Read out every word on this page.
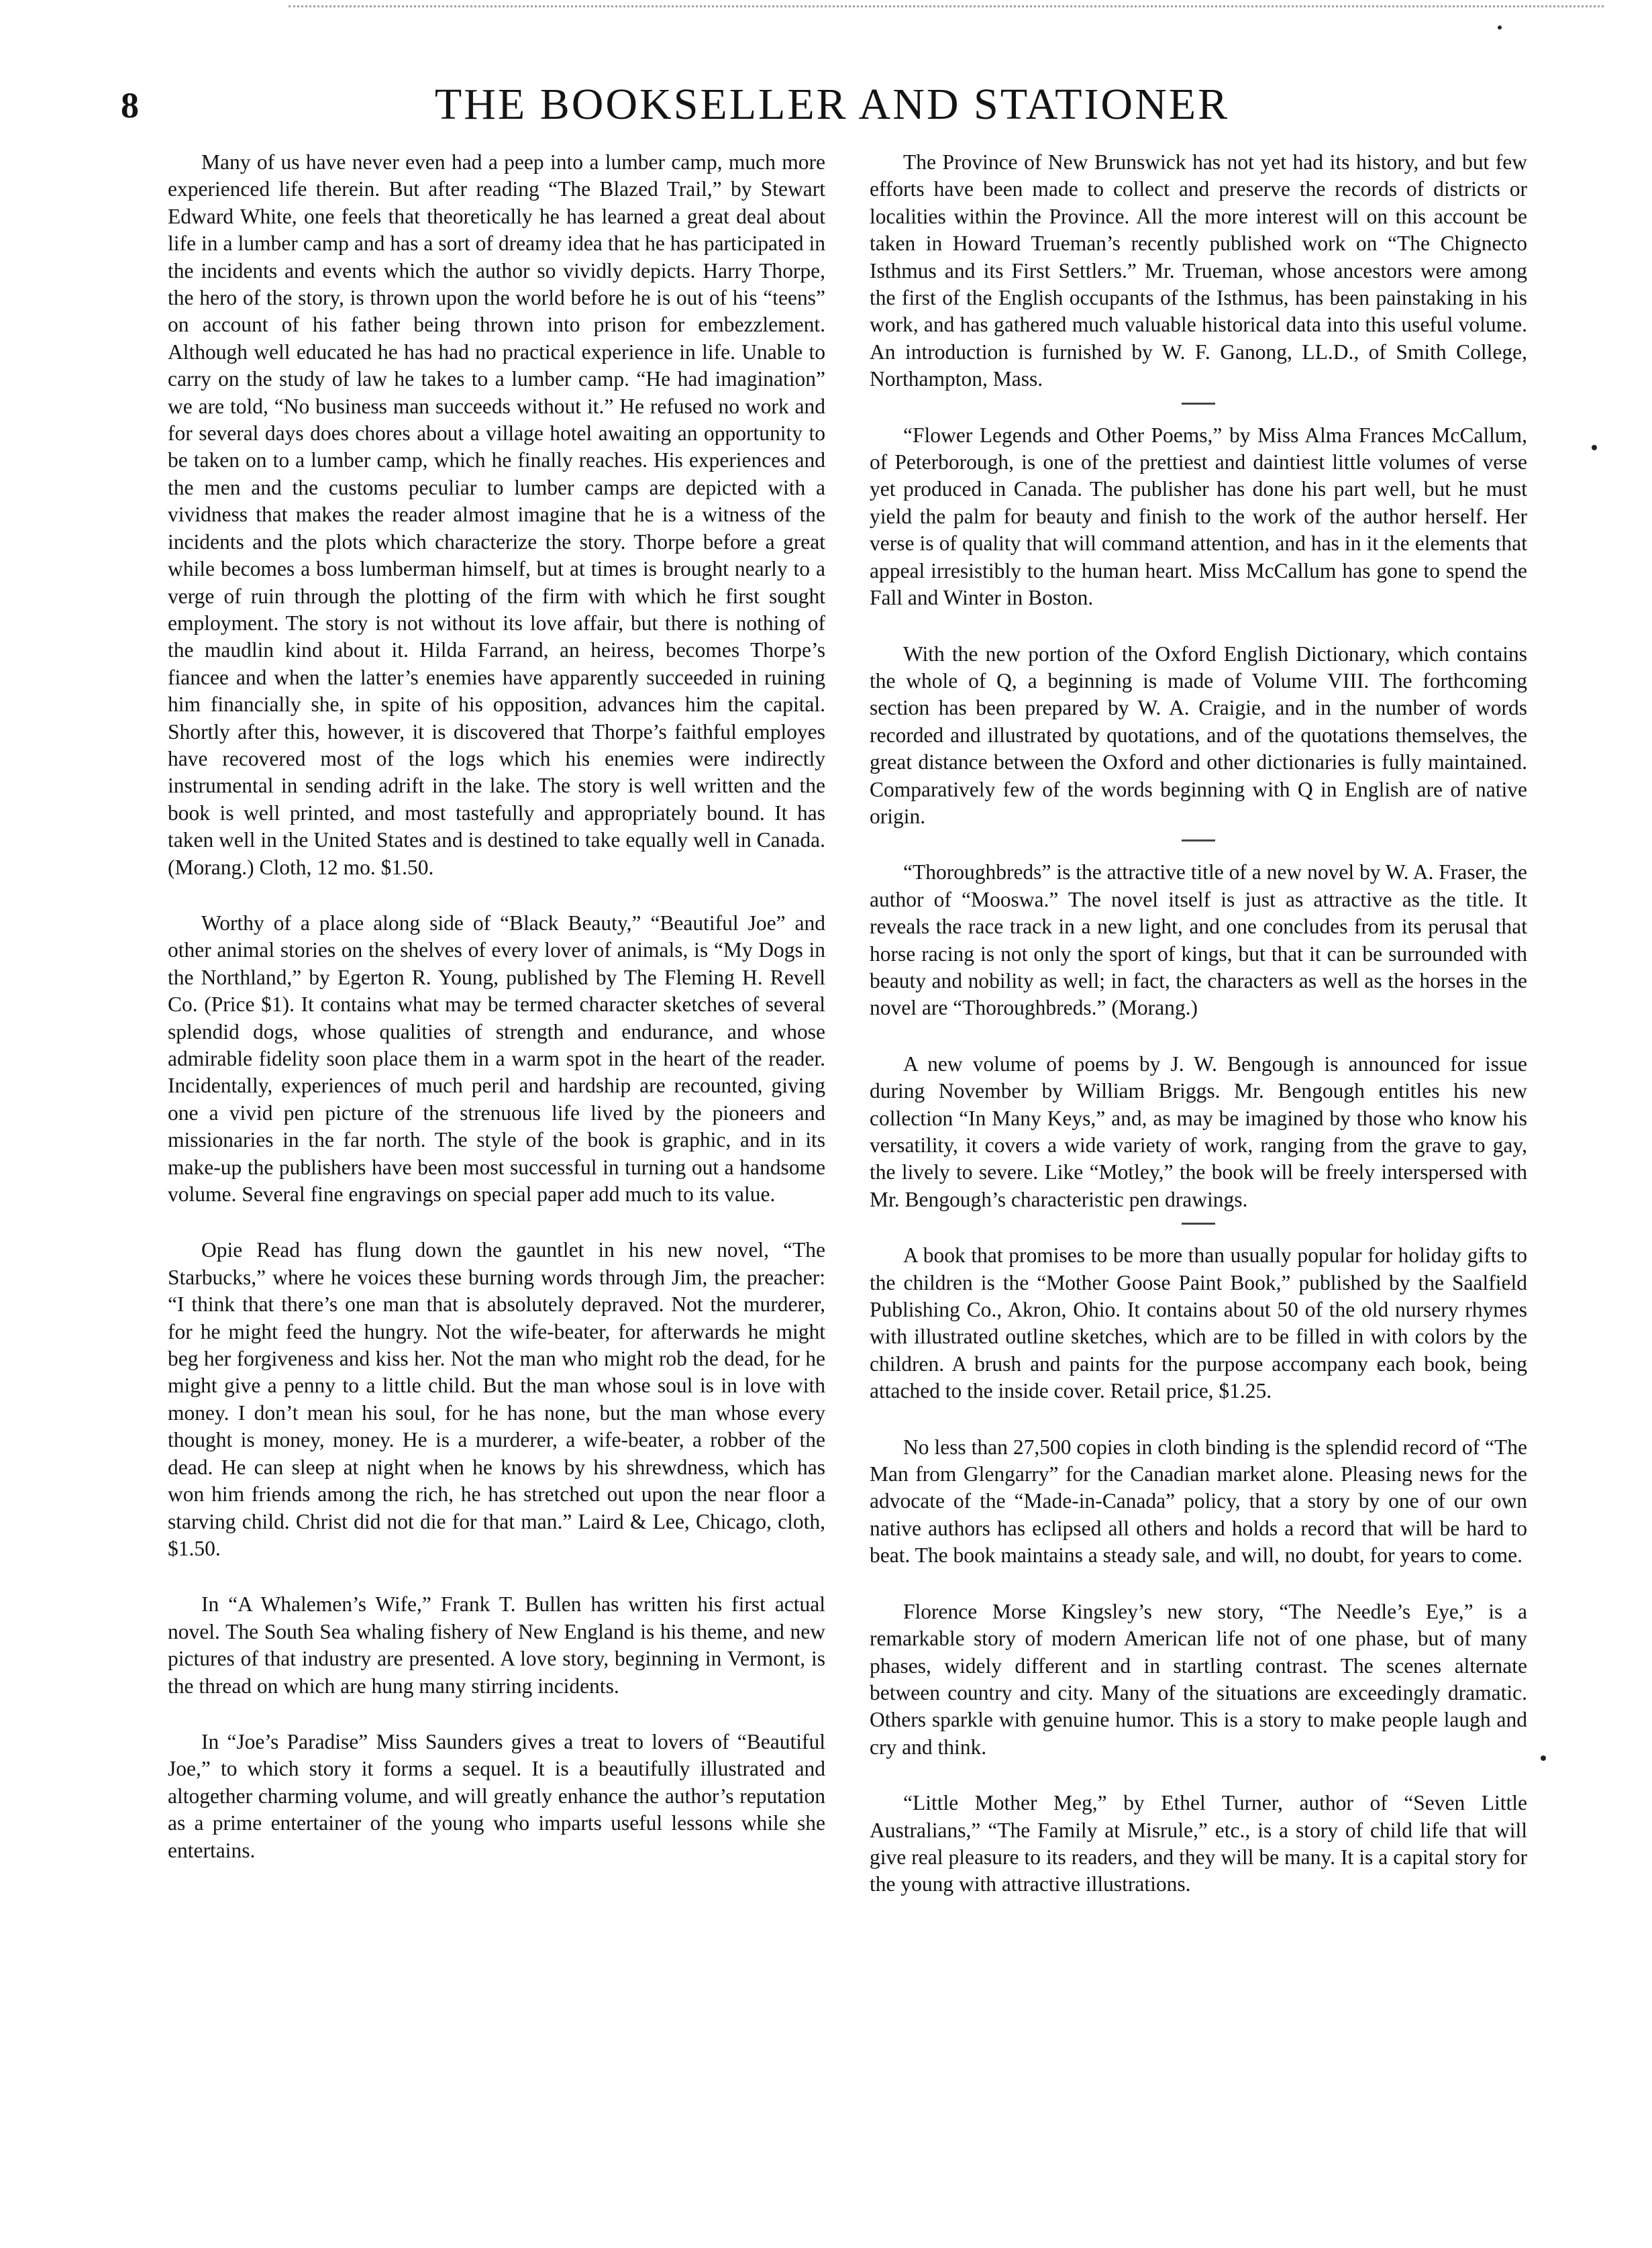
8	THE BOOKSELLER AND STATIONER

Many of us have never even had a peep into a lumber camp, much more experienced life therein. But after reading “The Blazed Trail,” by Stewart Edward White, one feels that theoretically he has learned a great deal about life in a lumber camp and has a sort of dreamy idea that he has participated in the incidents and events which the author so vividly depicts. Harry Thorpe, the hero of the story, is thrown upon the world before he is out of his “teens” on account of his father being thrown into prison for embezzlement. Although well educated he has had no practical experience in life. Unable to carry on the study of law he takes to a lumber camp. “He had imagination” we are told, “No business man succeeds without it.” He refused no work and for several days does chores about a village hotel awaiting an opportunity to be taken on to a lumber camp, which he finally reaches. His experiences and the men and the customs peculiar to lumber camps are depicted with a vividness that makes the reader almost imagine that he is a witness of the incidents and the plots which characterize the story. Thorpe before a great while becomes a boss lumberman himself, but at times is brought nearly to a verge of ruin through the plotting of the firm with which he first sought employment. The story is not without its love affair, but there is nothing of the maudlin kind about it. Hilda Farrand, an heiress, becomes Thorpe’s fiancee and when the latter’s enemies have apparently succeeded in ruining him financially she, in spite of his opposition, advances him the capital. Shortly after this, however, it is discovered that Thorpe’s faithful employes have recovered most of the logs which his enemies were indirectly instrumental in sending adrift in the lake. The story is well written and the book is well printed, and most tastefully and appropriately bound. It has taken well in the United States and is destined to take equally well in Canada. (Morang.) Cloth, 12 mo. $1.50.

Worthy of a place along side of “Black Beauty,” “Beautiful Joe” and other animal stories on the shelves of every lover of animals, is “My Dogs in the Northland,” by Egerton R. Young, published by The Fleming H. Revell Co. (Price $1). It contains what may be termed character sketches of several splendid dogs, whose qualities of strength and endurance, and whose admirable fidelity soon place them in a warm spot in the heart of the reader. Incidentally, experiences of much peril and hardship are recounted, giving one a vivid pen picture of the strenuous life lived by the pioneers and missionaries in the far north. The style of the book is graphic, and in its make-up the publishers have been most successful in turning out a handsome volume. Several fine engravings on special paper add much to its value.

Opie Read has flung down the gauntlet in his new novel, “The Starbucks,” where he voices these burning words through Jim, the preacher: “I think that there’s one man that is absolutely depraved. Not the murderer, for he might feed the hungry. Not the wife-beater, for afterwards he might beg her forgiveness and kiss her. Not the man who might rob the dead, for he might give a penny to a little child. But the man whose soul is in love with money. I don’t mean his soul, for he has none, but the man whose every thought is money, money. He is a murderer, a wife-beater, a robber of the dead. He can sleep at night when he knows by his shrewdness, which has won him friends among the rich, he has stretched out upon the near floor a starving child. Christ did not die for that man.” Laird & Lee, Chicago, cloth, $1.50.

In “A Whalemen’s Wife,” Frank T. Bullen has written his first actual novel. The South Sea whaling fishery of New England is his theme, and new pictures of that industry are presented. A love story, beginning in Vermont, is the thread on which are hung many stirring incidents.

In “Joe’s Paradise” Miss Saunders gives a treat to lovers of “Beautiful Joe,” to which story it forms a sequel. It is a beautifully illustrated and altogether charming volume, and will greatly enhance the author’s reputation as a prime entertainer of the young who imparts useful lessons while she entertains.

The Province of New Brunswick has not yet had its history, and but few efforts have been made to collect and preserve the records of districts or localities within the Province. All the more interest will on this account be taken in Howard Trueman’s recently published work on “The Chignecto Isthmus and its First Settlers.” Mr. Trueman, whose ancestors were among the first of the English occupants of the Isthmus, has been painstaking in his work, and has gathered much valuable historical data into this useful volume. An introduction is furnished by W. F. Ganong, LL.D., of Smith College, Northampton, Mass.

“Flower Legends and Other Poems,” by Miss Alma Frances McCallum, of Peterborough, is one of the prettiest and daintiest little volumes of verse yet produced in Canada. The publisher has done his part well, but he must yield the palm for beauty and finish to the work of the author herself. Her verse is of quality that will command attention, and has in it the elements that appeal irresistibly to the human heart. Miss McCallum has gone to spend the Fall and Winter in Boston.

With the new portion of the Oxford English Dictionary, which contains the whole of Q, a beginning is made of Volume VIII. The forthcoming section has been prepared by W. A. Craigie, and in the number of words recorded and illustrated by quotations, and of the quotations themselves, the great distance between the Oxford and other dictionaries is fully maintained. Comparatively few of the words beginning with Q in English are of native origin.

“Thoroughbreds” is the attractive title of a new novel by W. A. Fraser, the author of “Mooswa.” The novel itself is just as attractive as the title. It reveals the race track in a new light, and one concludes from its perusal that horse racing is not only the sport of kings, but that it can be surrounded with beauty and nobility as well; in fact, the characters as well as the horses in the novel are “Thoroughbreds.” (Morang.)

A new volume of poems by J. W. Bengough is announced for issue during November by William Briggs. Mr. Bengough entitles his new collection “In Many Keys,” and, as may be imagined by those who know his versatility, it covers a wide variety of work, ranging from the grave to gay, the lively to severe. Like “Motley,” the book will be freely interspersed with Mr. Bengough’s characteristic pen drawings.

A book that promises to be more than usually popular for holiday gifts to the children is the “Mother Goose Paint Book,” published by the Saalfield Publishing Co., Akron, Ohio. It contains about 50 of the old nursery rhymes with illustrated outline sketches, which are to be filled in with colors by the children. A brush and paints for the purpose accompany each book, being attached to the inside cover. Retail price, $1.25.

No less than 27,500 copies in cloth binding is the splendid record of “The Man from Glengarry” for the Canadian market alone. Pleasing news for the advocate of the “Made-in-Canada” policy, that a story by one of our own native authors has eclipsed all others and holds a record that will be hard to beat. The book maintains a steady sale, and will, no doubt, for years to come.

Florence Morse Kingsley’s new story, “The Needle’s Eye,” is a remarkable story of modern American life not of one phase, but of many phases, widely different and in startling contrast. The scenes alternate between country and city. Many of the situations are exceedingly dramatic. Others sparkle with genuine humor. This is a story to make people laugh and cry and think.

“Little Mother Meg,” by Ethel Turner, author of “Seven Little Australians,” “The Family at Misrule,” etc., is a story of child life that will give real pleasure to its readers, and they will be many. It is a capital story for the young with attractive illustrations.
